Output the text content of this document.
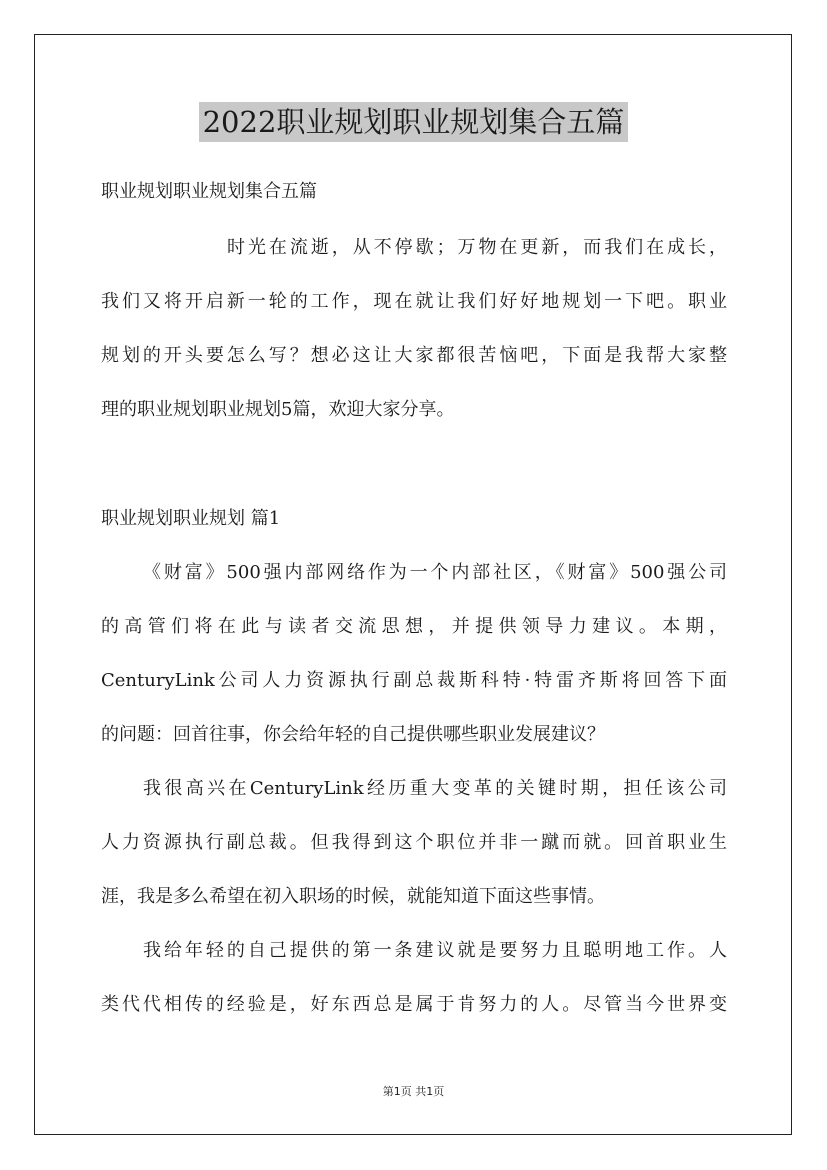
2022职业规划职业规划集合五篇
职业规划职业规划集合五篇
时光在流逝，从不停歇；万物在更新，而我们在成长，
我们又将开启新一轮的工作，现在就让我们好好地规划一下吧。职业
规划的开头要怎么写？想必这让大家都很苦恼吧，下面是我帮大家整
理的职业规划职业规划5篇，欢迎大家分享。
职业规划职业规划 篇1
《财富》500强内部网络作为一个内部社区，《财富》500强公司
的高管们将在此与读者交流思想，并提供领导力建议。本期，
CenturyLink公司人力资源执行副总裁斯科特·特雷齐斯将回答下面
的问题：回首往事，你会给年轻的自己提供哪些职业发展建议？
我很高兴在CenturyLink经历重大变革的关键时期，担任该公司
人力资源执行副总裁。但我得到这个职位并非一蹴而就。回首职业生
涯，我是多么希望在初入职场的时候，就能知道下面这些事情。
我给年轻的自己提供的第一条建议就是要努力且聪明地工作。人
类代代相传的经验是，好东西总是属于肯努力的人。尽管当今世界变
第1页 共1页
